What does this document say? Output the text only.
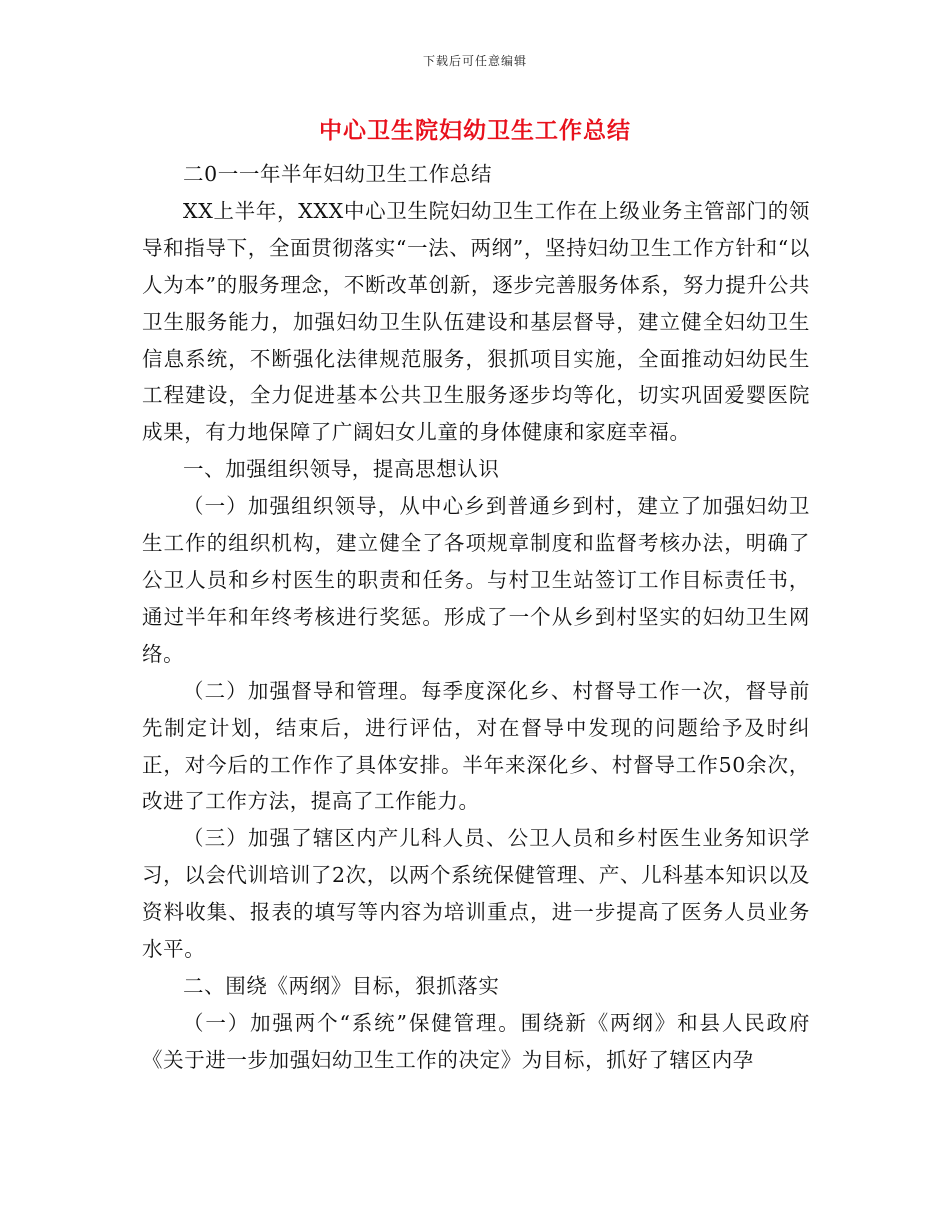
下载后可任意编辑
中心卫生院妇幼卫生工作总结

二0一一年半年妇幼卫生工作总结

XX上半年，XXX中心卫生院妇幼卫生工作在上级业务主管部门的领导和指导下，全面贯彻落实“一法、两纲”，坚持妇幼卫生工作方针和“以人为本”的服务理念，不断改革创新，逐步完善服务体系，努力提升公共卫生服务能力，加强妇幼卫生队伍建设和基层督导，建立健全妇幼卫生信息系统，不断强化法律规范服务，狠抓项目实施，全面推动妇幼民生工程建设，全力促进基本公共卫生服务逐步均等化，切实巩固爱婴医院成果，有力地保障了广阔妇女儿童的身体健康和家庭幸福。

一、加强组织领导，提高思想认识

（一）加强组织领导，从中心乡到普通乡到村，建立了加强妇幼卫生工作的组织机构，建立健全了各项规章制度和监督考核办法，明确了公卫人员和乡村医生的职责和任务。与村卫生站签订工作目标责任书，通过半年和年终考核进行奖惩。形成了一个从乡到村坚实的妇幼卫生网络。

（二）加强督导和管理。每季度深化乡、村督导工作一次，督导前先制定计划，结束后，进行评估，对在督导中发现的问题给予及时纠正，对今后的工作作了具体安排。半年来深化乡、村督导工作50余次，改进了工作方法，提高了工作能力。

（三）加强了辖区内产儿科人员、公卫人员和乡村医生业务知识学习，以会代训培训了2次，以两个系统保健管理、产、儿科基本知识以及资料收集、报表的填写等内容为培训重点，进一步提高了医务人员业务水平。

二、围绕《两纲》目标，狠抓落实

（一）加强两个“系统”保健管理。围绕新《两纲》和县人民政府《关于进一步加强妇幼卫生工作的决定》为目标，抓好了辖区内孕
